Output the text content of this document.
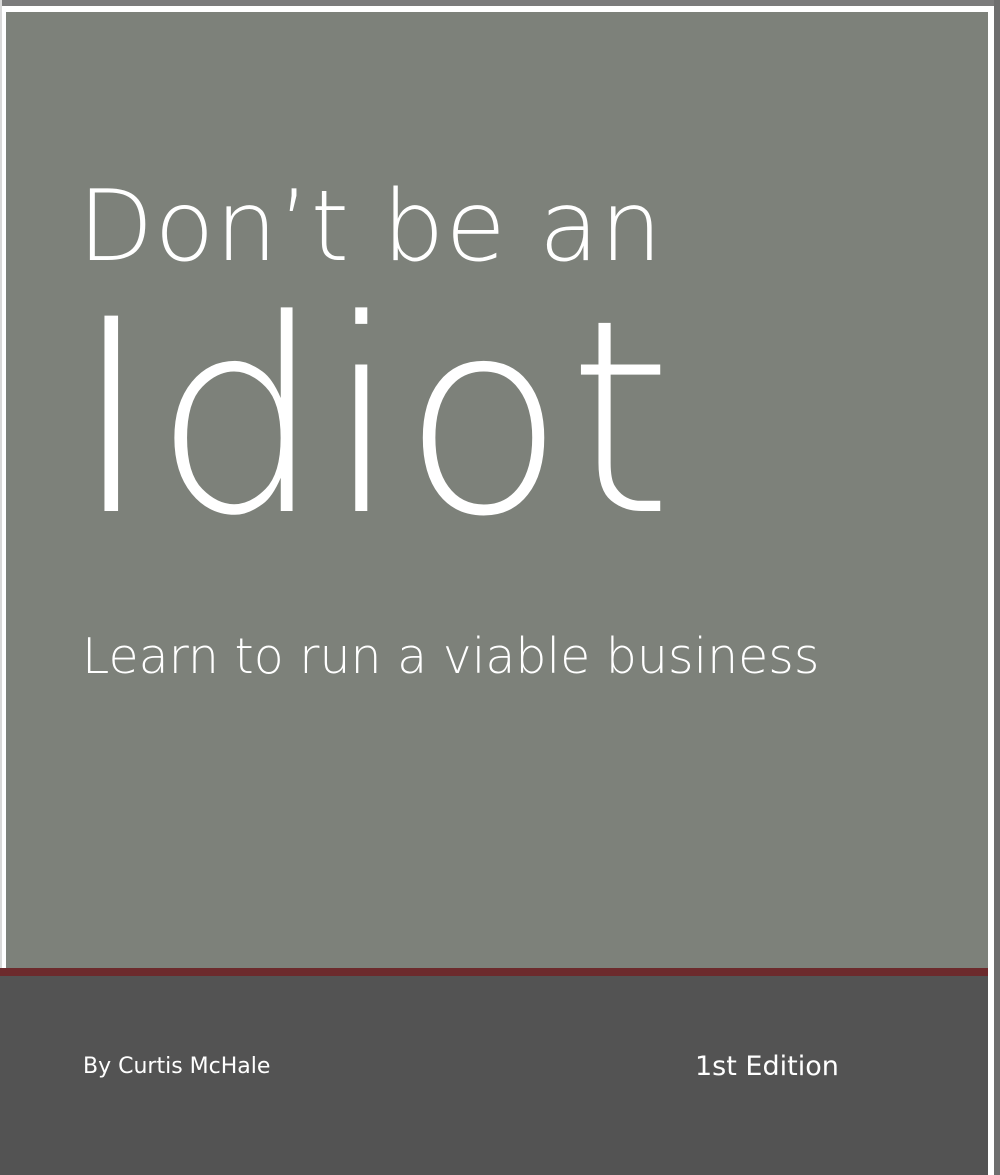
Don’t be an
Idiot

Learn to run a viable business

By Curtis McHale	1st Edition
